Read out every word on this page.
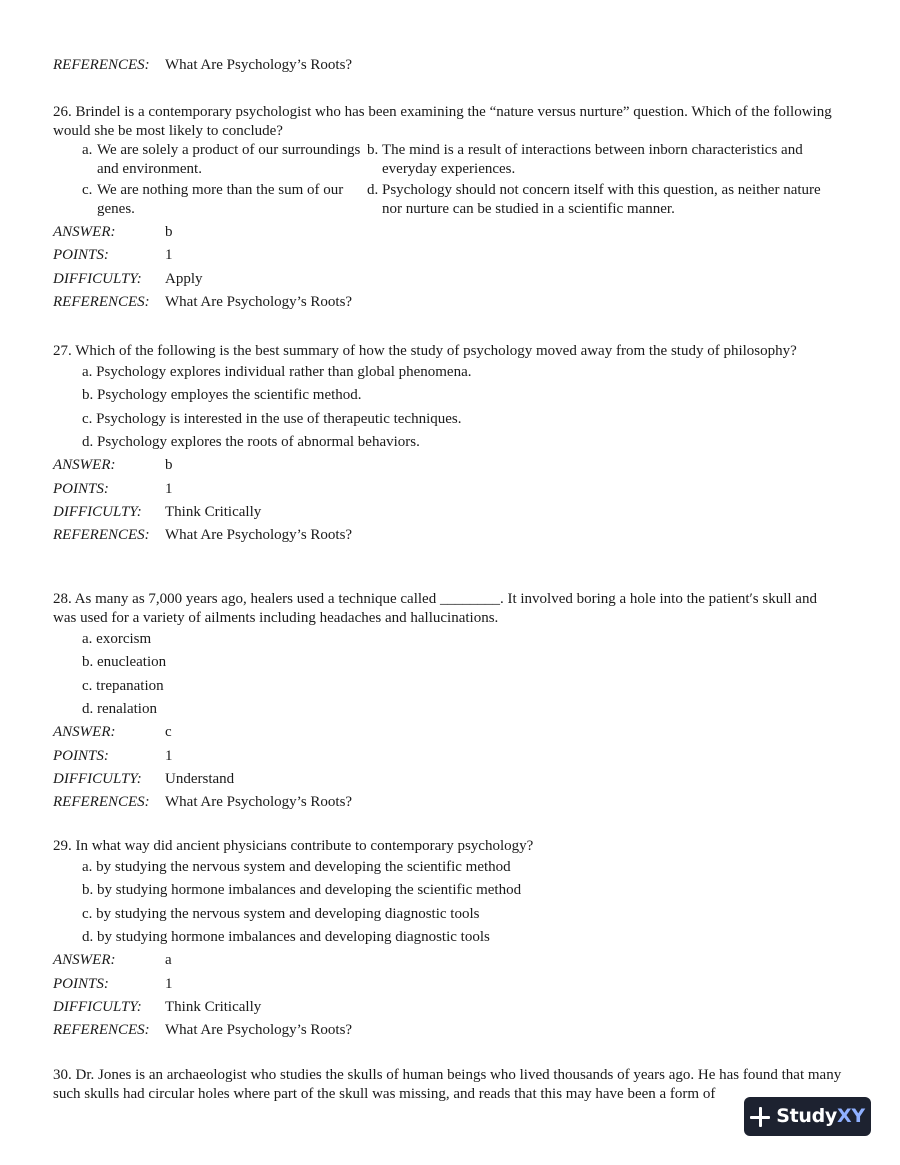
REFERENCES:	What Are Psychology’s Roots?

26. Brindel is a contemporary psychologist who has been examining the “nature versus nurture” question. Which of the following would she be most likely to conclude?

a. We are solely a product of our surroundings and environment.
b. The mind is a result of interactions between inborn characteristics and everyday experiences.
c. We are nothing more than the sum of our genes.
d. Psychology should not concern itself with this question, as neither nature nor nurture can be studied in a scientific manner.
ANSWER:	b
POINTS:	1
DIFFICULTY:	Apply
REFERENCES:	What Are Psychology’s Roots?

27. Which of the following is the best summary of how the study of psychology moved away from the study of philosophy?

a.
Psychology explores individual rather than global phenomena.
b.
Psychology employes the scientific method.
c.
Psychology is interested in the use of therapeutic techniques.
d.
Psychology explores the roots of abnormal behaviors.
ANSWER:	b
POINTS:	1
DIFFICULTY:	Think Critically
REFERENCES:	What Are Psychology’s Roots?

28. As many as 7,000 years ago, healers used a technique called ________. It involved boring a hole into the patient′s skull and was used for a variety of ailments including headaches and hallucinations.

a.
exorcism
b.
enucleation
c.
trepanation
d.
renalation
ANSWER:	c
POINTS:	1
DIFFICULTY:	Understand
REFERENCES:	What Are Psychology’s Roots?

29. In what way did ancient physicians contribute to contemporary psychology?

a.
by studying the nervous system and developing the scientific method
b.
by studying hormone imbalances and developing the scientific method
c.
by studying the nervous system and developing diagnostic tools
d.
by studying hormone imbalances and developing diagnostic tools
ANSWER:	a
POINTS:	1
DIFFICULTY:	Think Critically
REFERENCES:	What Are Psychology’s Roots?

30. Dr. Jones is an archaeologist who studies the skulls of human beings who lived thousands of years ago. He has found that many such skulls had circular holes where part of the skull was missing, and reads that this may have been a form of

StudyXY
